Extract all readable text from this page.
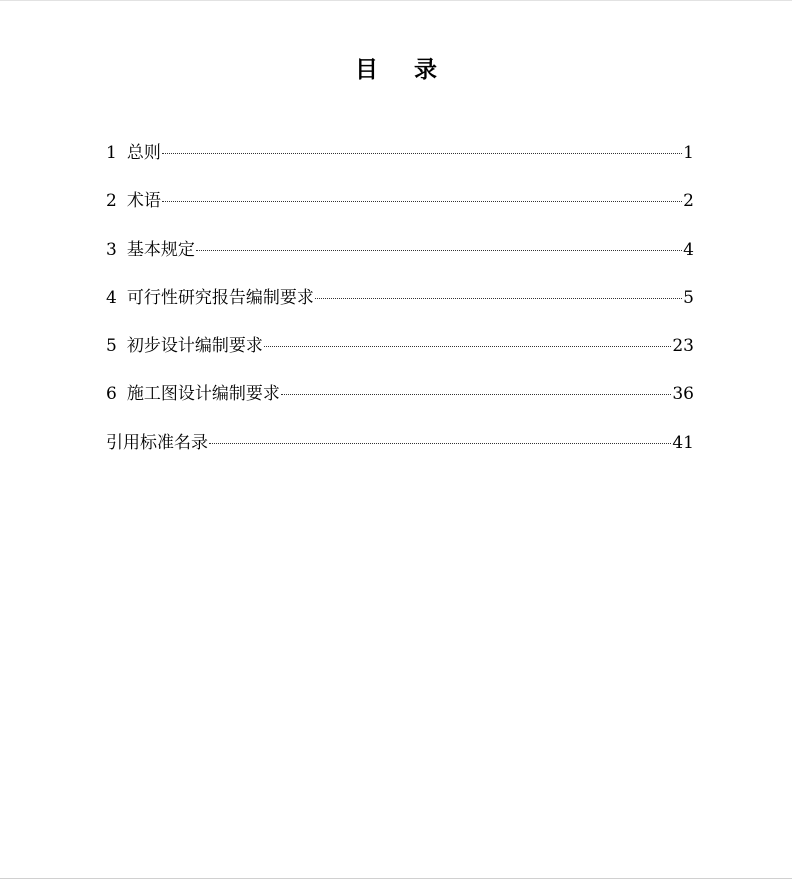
目 录
1 总则	1
2 术语	2
3 基本规定	4
4 可行性研究报告编制要求	5
5 初步设计编制要求	23
6 施工图设计编制要求	36
引用标准名录	41
